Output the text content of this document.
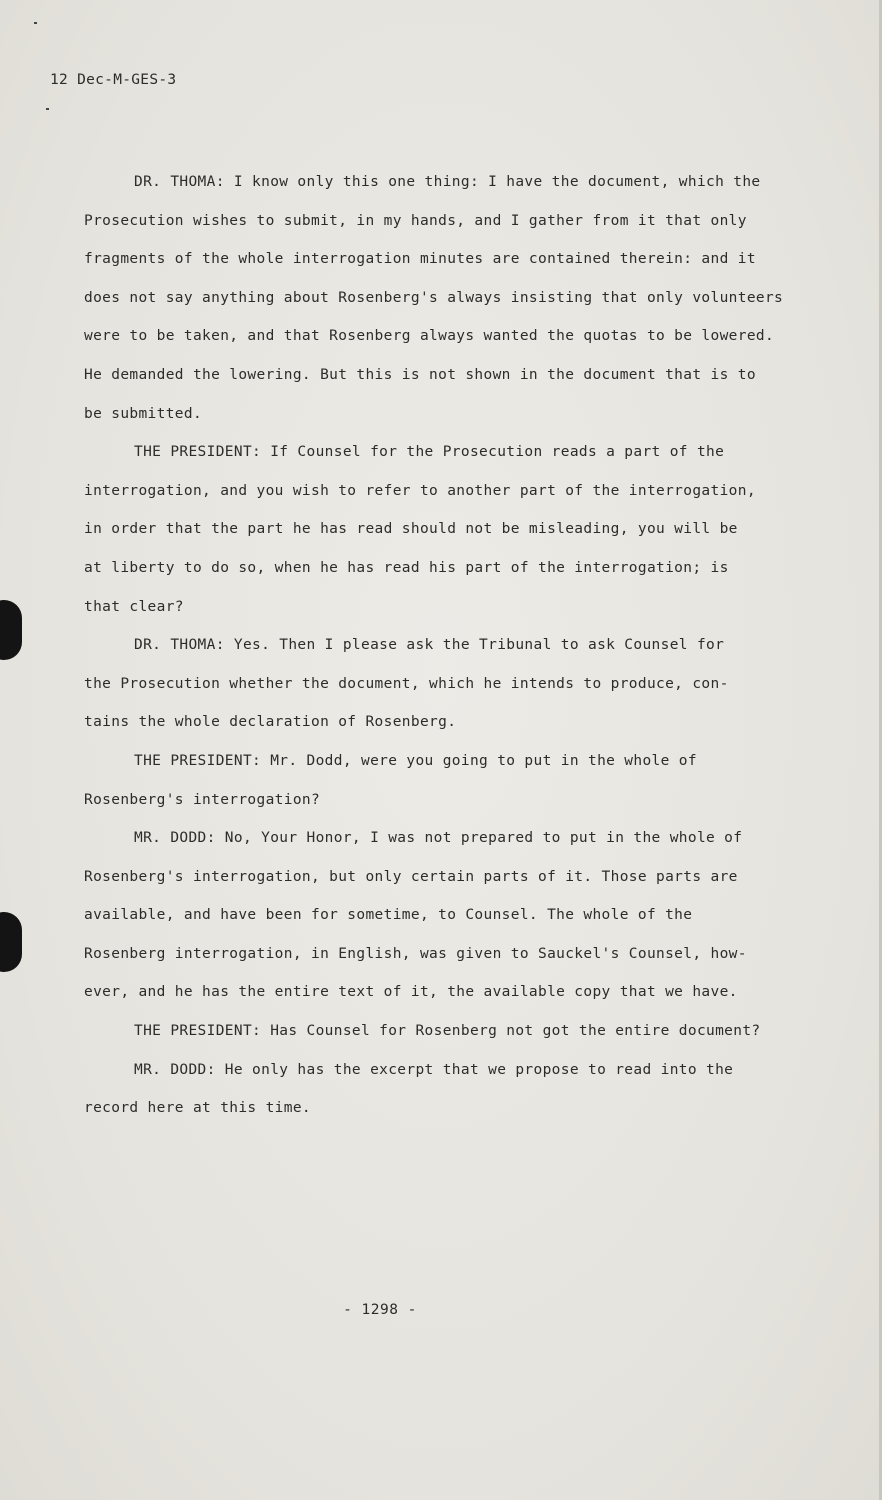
12 Dec-M-GES-3
DR. THOMA: I know only this one thing: I have the document, which the
Prosecution wishes to submit, in my hands, and I gather from it that only
fragments of the whole interrogation minutes are contained therein: and it
does not say anything about Rosenberg's always insisting that only volunteers
were to be taken, and that Rosenberg always wanted the quotas to be lowered.
He demanded the lowering. But this is not shown in the document that is to
be submitted.
THE PRESIDENT: If Counsel for the Prosecution reads a part of the
interrogation, and you wish to refer to another part of the interrogation,
in order that the part he has read should not be misleading, you will be
at liberty to do so, when he has read his part of the interrogation; is
that clear?
DR. THOMA: Yes. Then I please ask the Tribunal to ask Counsel for
the Prosecution whether the document, which he intends to produce, con-
tains the whole declaration of Rosenberg.
THE PRESIDENT: Mr. Dodd, were you going to put in the whole of
Rosenberg's interrogation?
MR. DODD: No, Your Honor, I was not prepared to put in the whole of
Rosenberg's interrogation, but only certain parts of it. Those parts are
available, and have been for sometime, to Counsel. The whole of the
Rosenberg interrogation, in English, was given to Sauckel's Counsel, how-
ever, and he has the entire text of it, the available copy that we have.
THE PRESIDENT: Has Counsel for Rosenberg not got the entire document?
MR. DODD: He only has the excerpt that we propose to read into the
record here at this time.
- 1298 -
